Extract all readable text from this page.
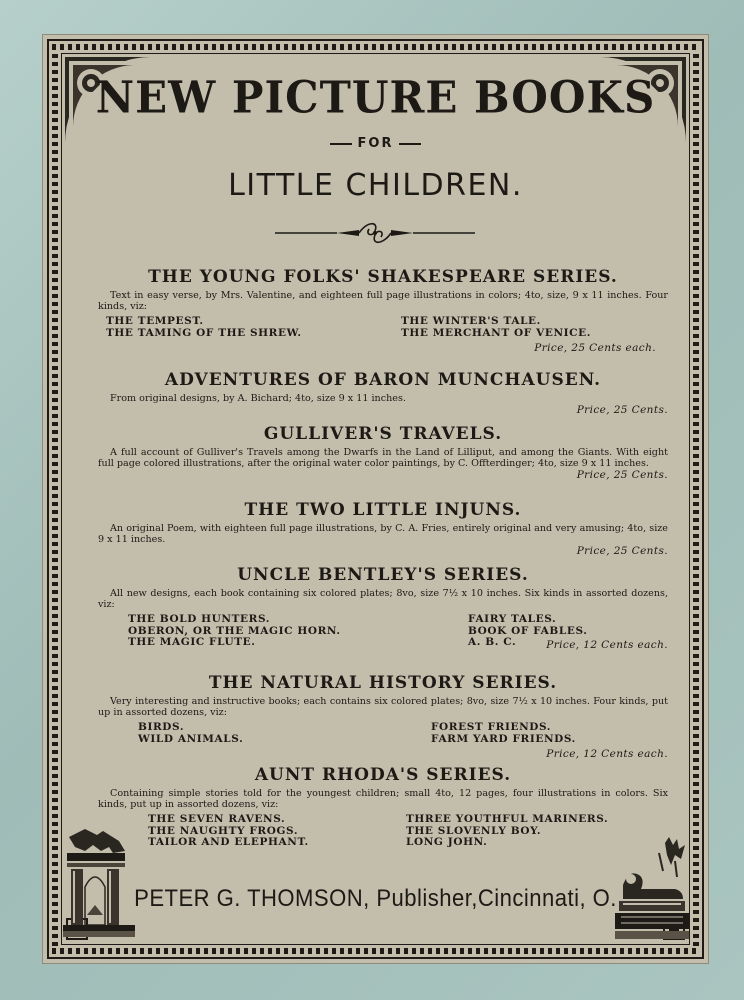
NEW PICTURE BOOKS
FOR
LITTLE CHILDREN.
THE YOUNG FOLKS' SHAKESPEARE SERIES.

Text in easy verse, by Mrs. Valentine, and eighteen full page illustrations in colors; 4to, size, 9 x 11 inches. Four kinds, viz:

THE TEMPEST.
THE TAMING OF THE SHREW.
THE WINTER'S TALE.
THE MERCHANT OF VENICE.
Price, 25 Cents each.
ADVENTURES OF BARON MUNCHAUSEN.

From original designs, by A. Bichard; 4to, size 9 x 11 inches.

Price, 25 Cents.
GULLIVER'S TRAVELS.

A full account of Gulliver's Travels among the Dwarfs in the Land of Lilliput, and among the Giants. With eight full page colored illustrations, after the original water color paintings, by C. Offterdinger; 4to, size 9 x 11 inches.

Price, 25 Cents.
THE TWO LITTLE INJUNS.

An original Poem, with eighteen full page illustrations, by C. A. Fries, entirely original and very amusing; 4to, size 9 x 11 inches.

Price, 25 Cents.
UNCLE BENTLEY'S SERIES.

All new designs, each book containing six colored plates; 8vo, size 7½ x 10 inches. Six kinds in assorted dozens, viz:

THE BOLD HUNTERS.
OBERON, OR THE MAGIC HORN.
THE MAGIC FLUTE.
FAIRY TALES.
BOOK OF FABLES.
A. B. C.	Price, 12 Cents each.
THE NATURAL HISTORY SERIES.

Very interesting and instructive books; each contains six colored plates; 8vo, size 7½ x 10 inches. Four kinds, put up in assorted dozens, viz:

BIRDS.
WILD ANIMALS.
FOREST FRIENDS.
FARM YARD FRIENDS.
Price, 12 Cents each.
AUNT RHODA'S SERIES.

Containing simple stories told for the youngest children; small 4to, 12 pages, four illustrations in colors. Six kinds, put up in assorted dozens, viz:

THE SEVEN RAVENS.
THE NAUGHTY FROGS.
TAILOR AND ELEPHANT.
THREE YOUTHFUL MARINERS.
THE SLOVENLY BOY.
LONG JOHN.
PETER G. THOMSON, Publisher,Cincinnati, O.
